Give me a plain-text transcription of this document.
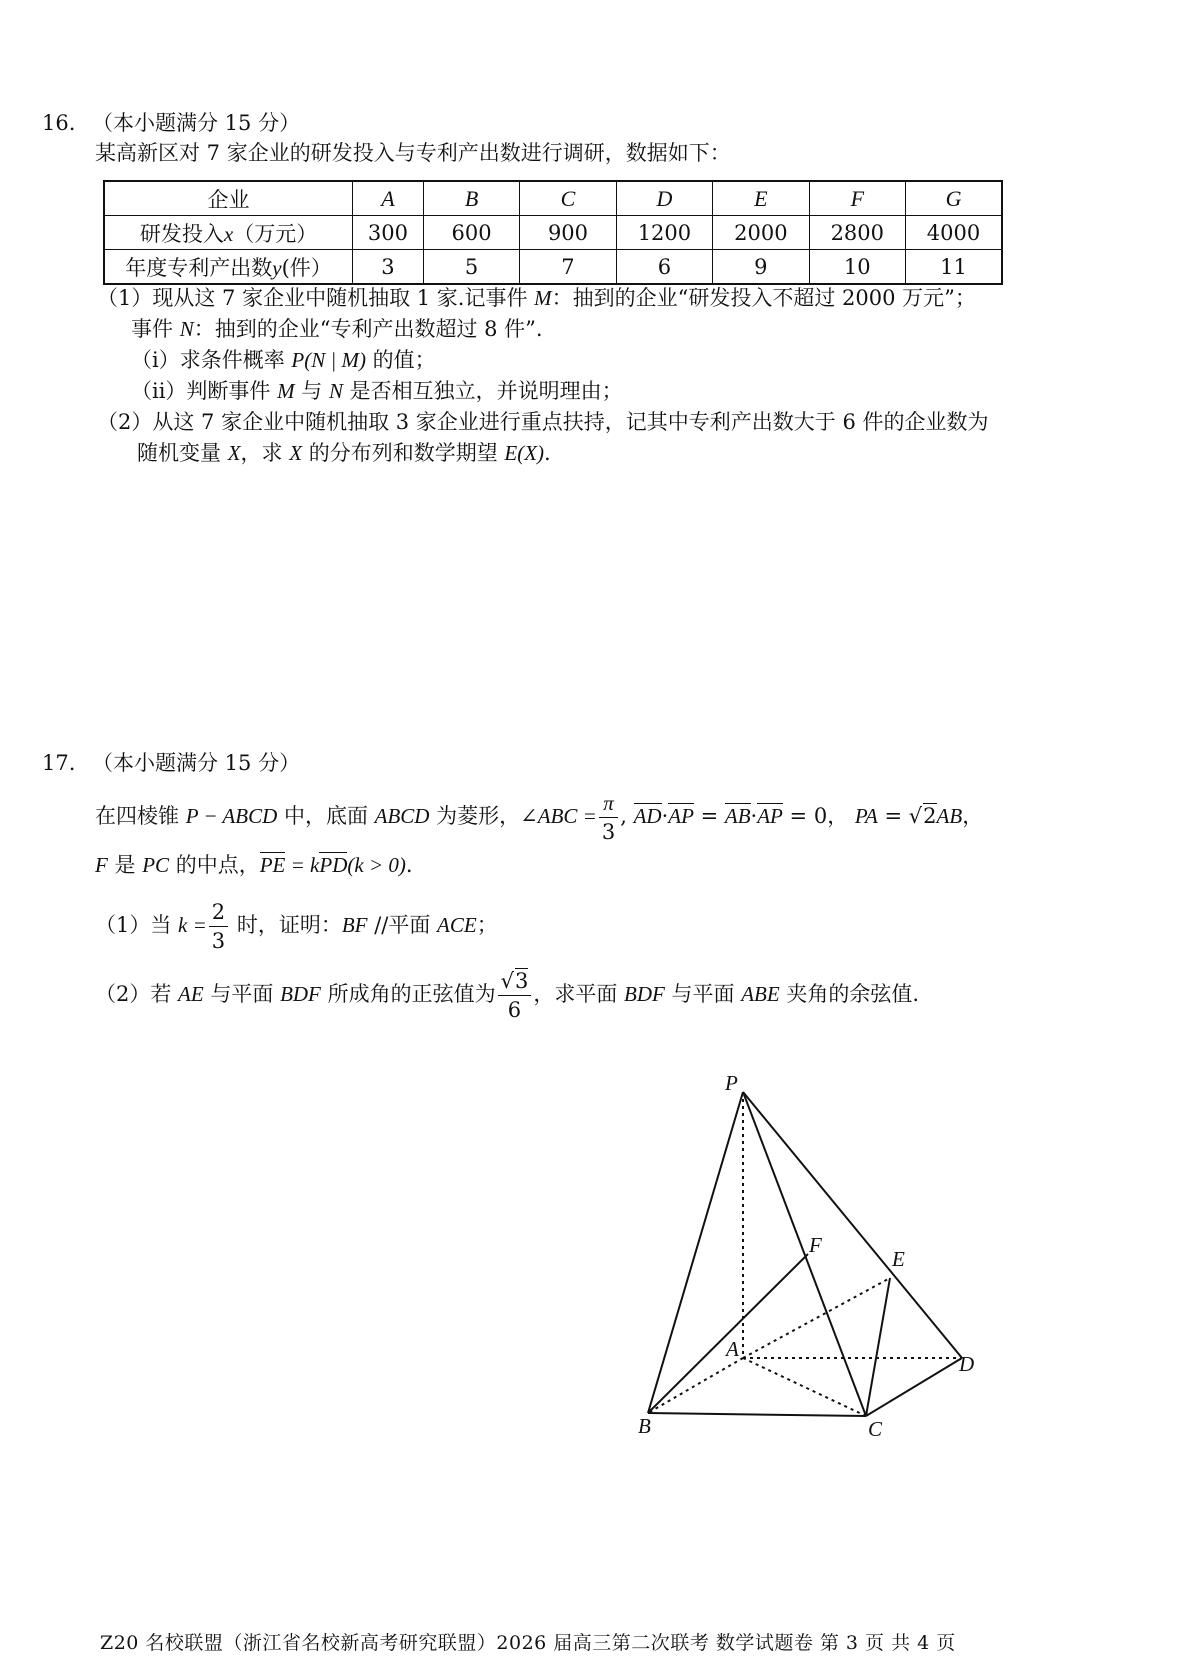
16. （本小题满分 15 分）
某高新区对 7 家企业的研发投入与专利产出数进行调研，数据如下：
企业	A	B	C	D	E	F	G
研发投入x（万元）	300	600	900	1200	2000	2800	4000
年度专利产出数y(件）	3	5	7	6	9	10	11
（1）现从这 7 家企业中随机抽取 1 家.记事件 M：抽到的企业“研发投入不超过 2000 万元”；
事件 N：抽到的企业“专利产出数超过 8 件”.
（i）求条件概率 P(N | M) 的值；
（ii）判断事件 M 与 N 是否相互独立，并说明理由；
（2）从这 7 家企业中随机抽取 3 家企业进行重点扶持，记其中专利产出数大于 6 件的企业数为
随机变量 X，求 X 的分布列和数学期望 E(X).
17. （本小题满分 15 分）
在四棱锥 P − ABCD 中，底面 ABCD 为菱形，∠ABC = $\frac{\pi}{3}$ , AD·AP = AB·AP = 0， PA = √2AB，
F 是 PC 的中点，PE = kPD(k > 0).
（1）当 $k = \frac{2}{3}$ 时，证明：BF //平面 ACE；
（2）若 AE 与平面 BDF 所成角的正弦值为 $\frac{√3}{6}$ ，求平面 BDF 与平面 ABE 夹角的余弦值.
P
F
E
A
D
B	C
Z20 名校联盟（浙江省名校新高考研究联盟）2026 届高三第二次联考 数学试题卷 第 3 页 共 4 页
